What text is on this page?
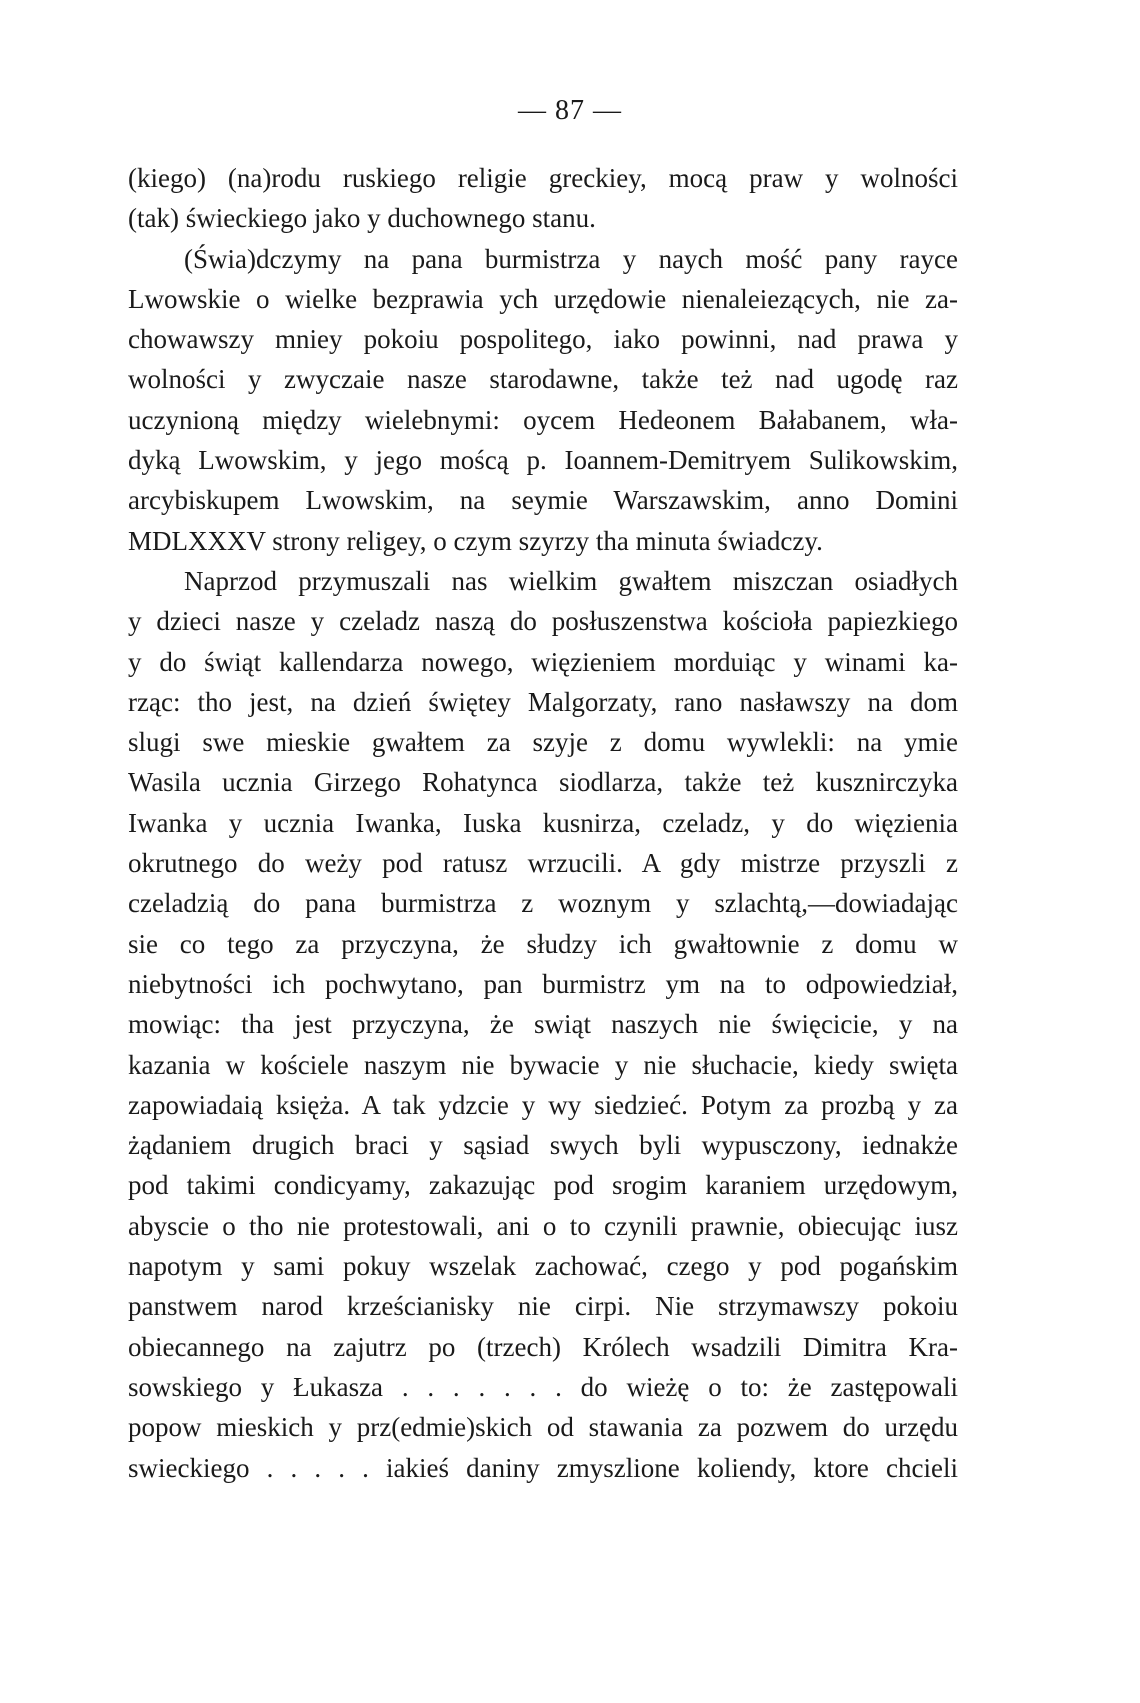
— 87 —
(kiego) (na)rodu ruskiego religie greckiey, mocą praw y wolności
(tak) świeckiego jako y duchownego stanu.
(Świa)dczymy na pana burmistrza y naych mość pany rayce
Lwowskie o wielke bezprawia ych urzędowie nienaleiezących, nie za-
chowawszy mniey pokoiu pospolitego, iako powinni, nad prawa y
wolności y zwyczaie nasze starodawne, także też nad ugodę raz
uczynioną między wielebnymi: oycem Hedeonem Bałabanem, wła-
dyką Lwowskim, y jego moścą p. Ioannem-Demitryem Sulikowskim,
arcybiskupem Lwowskim, na seymie Warszawskim, anno Domini
MDLXXXV strony religey, o czym szyrzy tha minuta świadczy.
Naprzod przymuszali nas wielkim gwałtem miszczan osiadłych
y dzieci nasze y czeladz naszą do posłuszenstwa kościoła papiezkiego
y do świąt kallendarza nowego, więzieniem morduiąc y winami ka-
rząc: tho jest, na dzień świętey Malgorzaty, rano nasławszy na dom
slugi swe mieskie gwałtem za szyje z domu wywlekli: na ymie
Wasila ucznia Girzego Rohatynca siodlarza, także też kusznirczyka
Iwanka y ucznia Iwanka, Iuska kusnirza, czeladz, y do więzienia
okrutnego do weży pod ratusz wrzucili. A gdy mistrze przyszli z
czeladzią do pana burmistrza z woznym y szlachtą,—dowiadając
sie co tego za przyczyna, że słudzy ich gwałtownie z domu w
niebytności ich pochwytano, pan burmistrz ym na to odpowiedział,
mowiąc: tha jest przyczyna, że swiąt naszych nie święcicie, y na
kazania w kościele naszym nie bywacie y nie słuchacie, kiedy swięta
zapowiadaią księża. A tak ydzcie y wy siedzieć. Potym za prozbą y za
żądaniem drugich braci y sąsiad swych byli wypusczony, iednakże
pod takimi condicyamy, zakazując pod srogim karaniem urzędowym,
abyscie o tho nie protestowali, ani o to czynili prawnie, obiecując iusz
napotym y sami pokuy wszelak zachować, czego y pod pogańskim
panstwem narod krześcianisky nie cirpi. Nie strzymawszy pokoiu
obiecannego na zajutrz po (trzech) Królech wsadzili Dimitra Kra-
sowskiego y Łukasza . . . . . . . do wieżę o to: że zastępowali
popow mieskich y prz(edmie)skich od stawania za pozwem do urzędu
swieckiego . . . . . iakieś daniny zmyszlione koliendy, ktore chcieli
